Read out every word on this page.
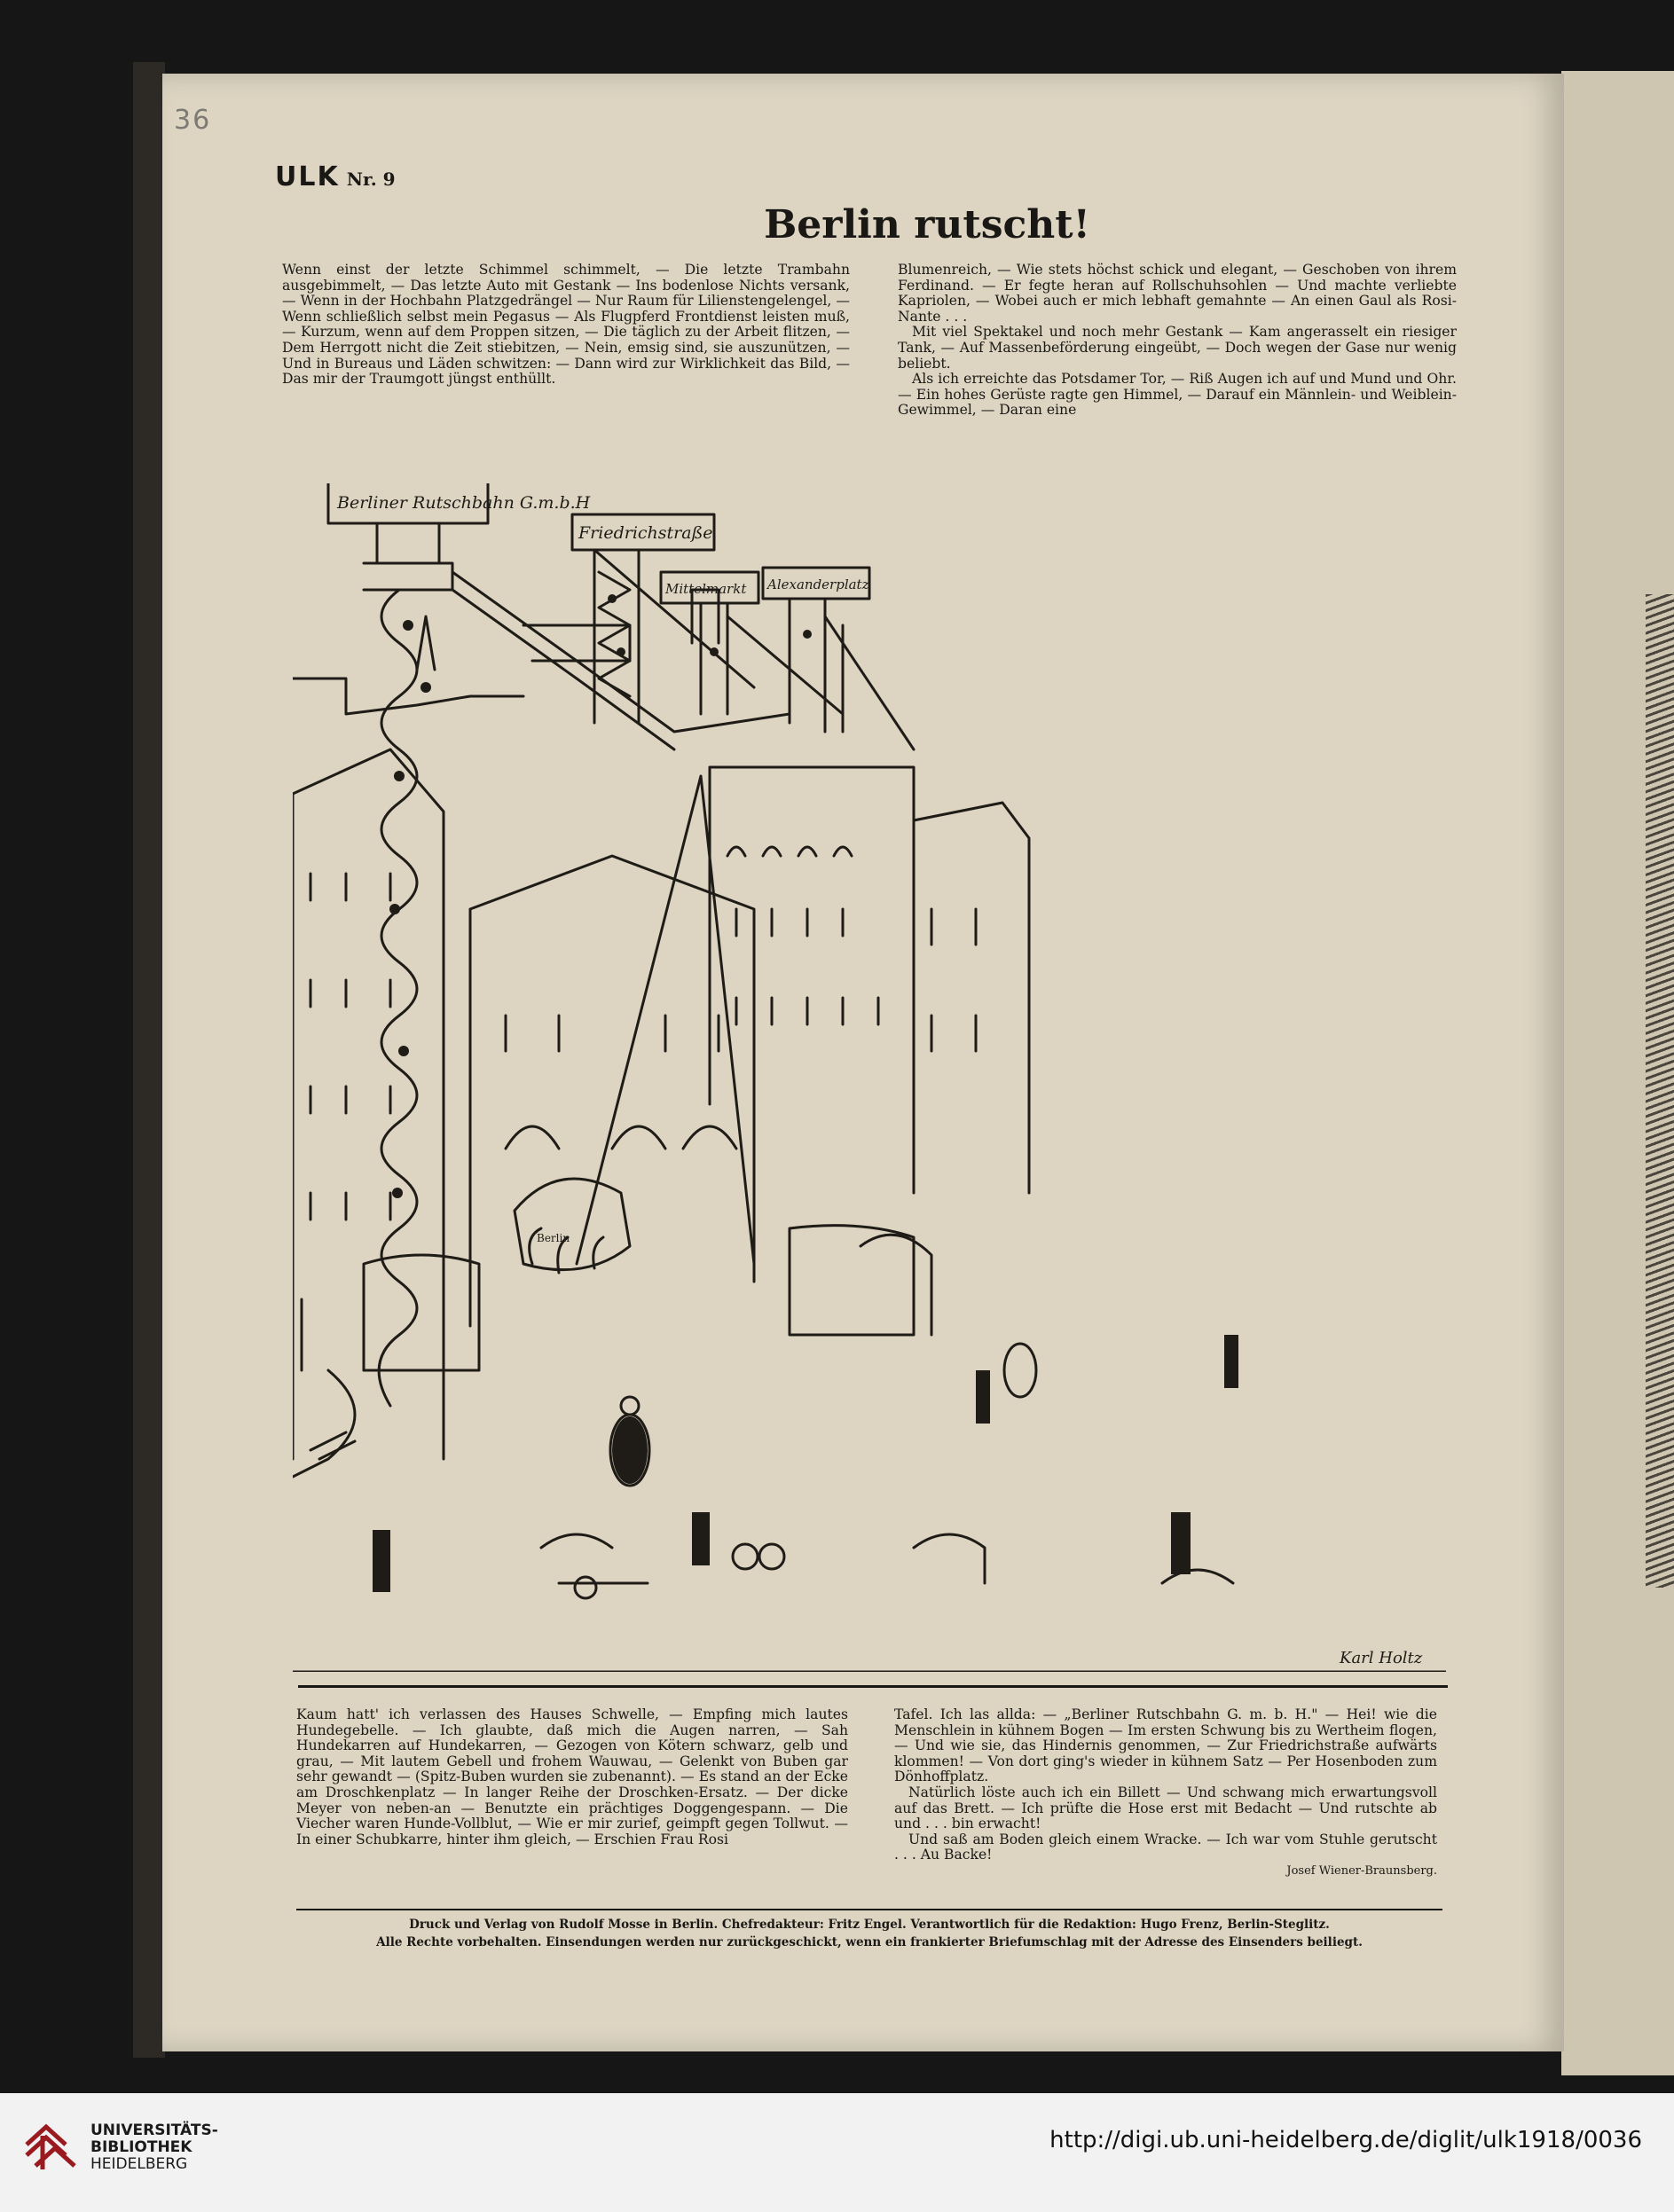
36
ULK Nr. 9
Berlin rutscht!

Wenn einst der letzte Schimmel schimmelt, — Die letzte Trambahn ausgebimmelt, — Das letzte Auto mit Gestank — Ins bodenlose Nichts versank, — Wenn in der Hochbahn Platzgedrängel — Nur Raum für Lilienstengelengel, — Wenn schließlich selbst mein Pegasus — Als Flugpferd Frontdienst leisten muß, — Kurzum, wenn auf dem Proppen sitzen, — Die täglich zu der Arbeit flitzen, — Dem Herrgott nicht die Zeit stiebitzen, — Nein, emsig sind, sie auszunützen, — Und in Bureaus und Läden schwitzen: — Dann wird zur Wirklichkeit das Bild, — Das mir der Traumgott jüngst enthüllt.

Blumenreich, — Wie stets höchst schick und elegant, — Geschoben von ihrem Ferdinand. — Er fegte heran auf Rollschuhsohlen — Und machte verliebte Kapriolen, — Wobei auch er mich lebhaft gemahnte — An einen Gaul als Rosi-Nante . . .

Mit viel Spektakel und noch mehr Gestank — Kam angerasselt ein riesiger Tank, — Auf Massenbeförderung eingeübt, — Doch wegen der Gase nur wenig beliebt.

Als ich erreichte das Potsdamer Tor, — Riß Augen ich auf und Mund und Ohr. — Ein hohes Gerüste ragte gen Himmel, — Darauf ein Männlein- und Weiblein-Gewimmel, — Daran eine

Berliner Rutschbahn G.m.b.H
Friedrichstraße
Mittelmarkt Alexanderplatz
Berlin
Karl Holtz

Kaum hatt' ich verlassen des Hauses Schwelle, — Empfing mich lautes Hundegebelle. — Ich glaubte, daß mich die Augen narren, — Sah Hundekarren auf Hundekarren, — Gezogen von Kötern schwarz, gelb und grau, — Mit lautem Gebell und frohem Wauwau, — Gelenkt von Buben gar sehr gewandt — (Spitz-Buben wurden sie zubenannt). — Es stand an der Ecke am Droschkenplatz — In langer Reihe der Droschken-Ersatz. — Der dicke Meyer von neben-an — Benutzte ein prächtiges Doggengespann. — Die Viecher waren Hunde-Vollblut, — Wie er mir zurief, geimpft gegen Tollwut. — In einer Schubkarre, hinter ihm gleich, — Erschien Frau Rosi

Tafel. Ich las allda: — „Berliner Rutschbahn G. m. b. H." — Hei! wie die Menschlein in kühnem Bogen — Im ersten Schwung bis zu Wertheim flogen, — Und wie sie, das Hindernis genommen, — Zur Friedrichstraße aufwärts klommen! — Von dort ging's wieder in kühnem Satz — Per Hosenboden zum Dönhoffplatz.

Natürlich löste auch ich ein Billett — Und schwang mich erwartungsvoll auf das Brett. — Ich prüfte die Hose erst mit Bedacht — Und rutschte ab und . . . bin erwacht!

Und saß am Boden gleich einem Wracke. — Ich war vom Stuhle gerutscht . . . Au Backe!

Josef Wiener-Braunsberg.
Druck und Verlag von Rudolf Mosse in Berlin. Chefredakteur: Fritz Engel. Verantwortlich für die Redaktion: Hugo Frenz, Berlin-Steglitz.
Alle Rechte vorbehalten. Einsendungen werden nur zurückgeschickt, wenn ein frankierter Briefumschlag mit der Adresse des Einsenders beiliegt.
UNIVERSITÄTS-
BIBLIOTHEK
HEIDELBERG
http://digi.ub.uni-heidelberg.de/diglit/ulk1918/0036
